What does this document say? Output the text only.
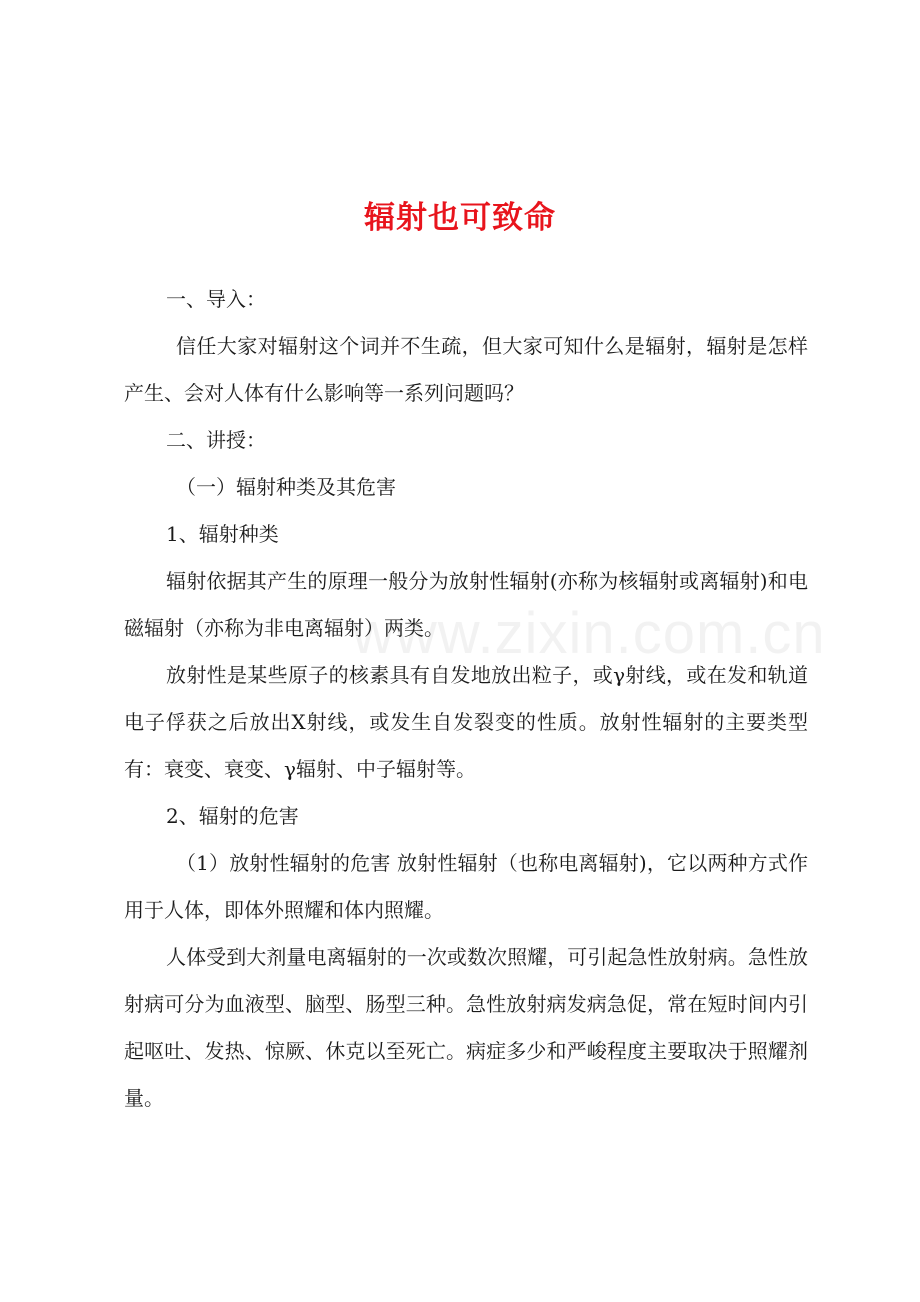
www.zixin.com.cn
辐射也可致命

一、导入：

信任大家对辐射这个词并不生疏，但大家可知什么是辐射，辐射是怎样产生、会对人体有什么影响等一系列问题吗？

二、讲授：

（一）辐射种类及其危害

1、辐射种类

辐射依据其产生的原理一般分为放射性辐射(亦称为核辐射或离辐射)和电磁辐射（亦称为非电离辐射）两类。

放射性是某些原子的核素具有自发地放出粒子，或γ射线，或在发和轨道电子俘获之后放出X射线，或发生自发裂变的性质。放射性辐射的主要类型有：衰变、衰变、γ辐射、中子辐射等。

2、辐射的危害

（1）放射性辐射的危害 放射性辐射（也称电离辐射)，它以两种方式作用于人体，即体外照耀和体内照耀。

人体受到大剂量电离辐射的一次或数次照耀，可引起急性放射病。急性放射病可分为血液型、脑型、肠型三种。急性放射病发病急促，常在短时间内引起呕吐、发热、惊厥、休克以至死亡。病症多少和严峻程度主要取决于照耀剂量。
